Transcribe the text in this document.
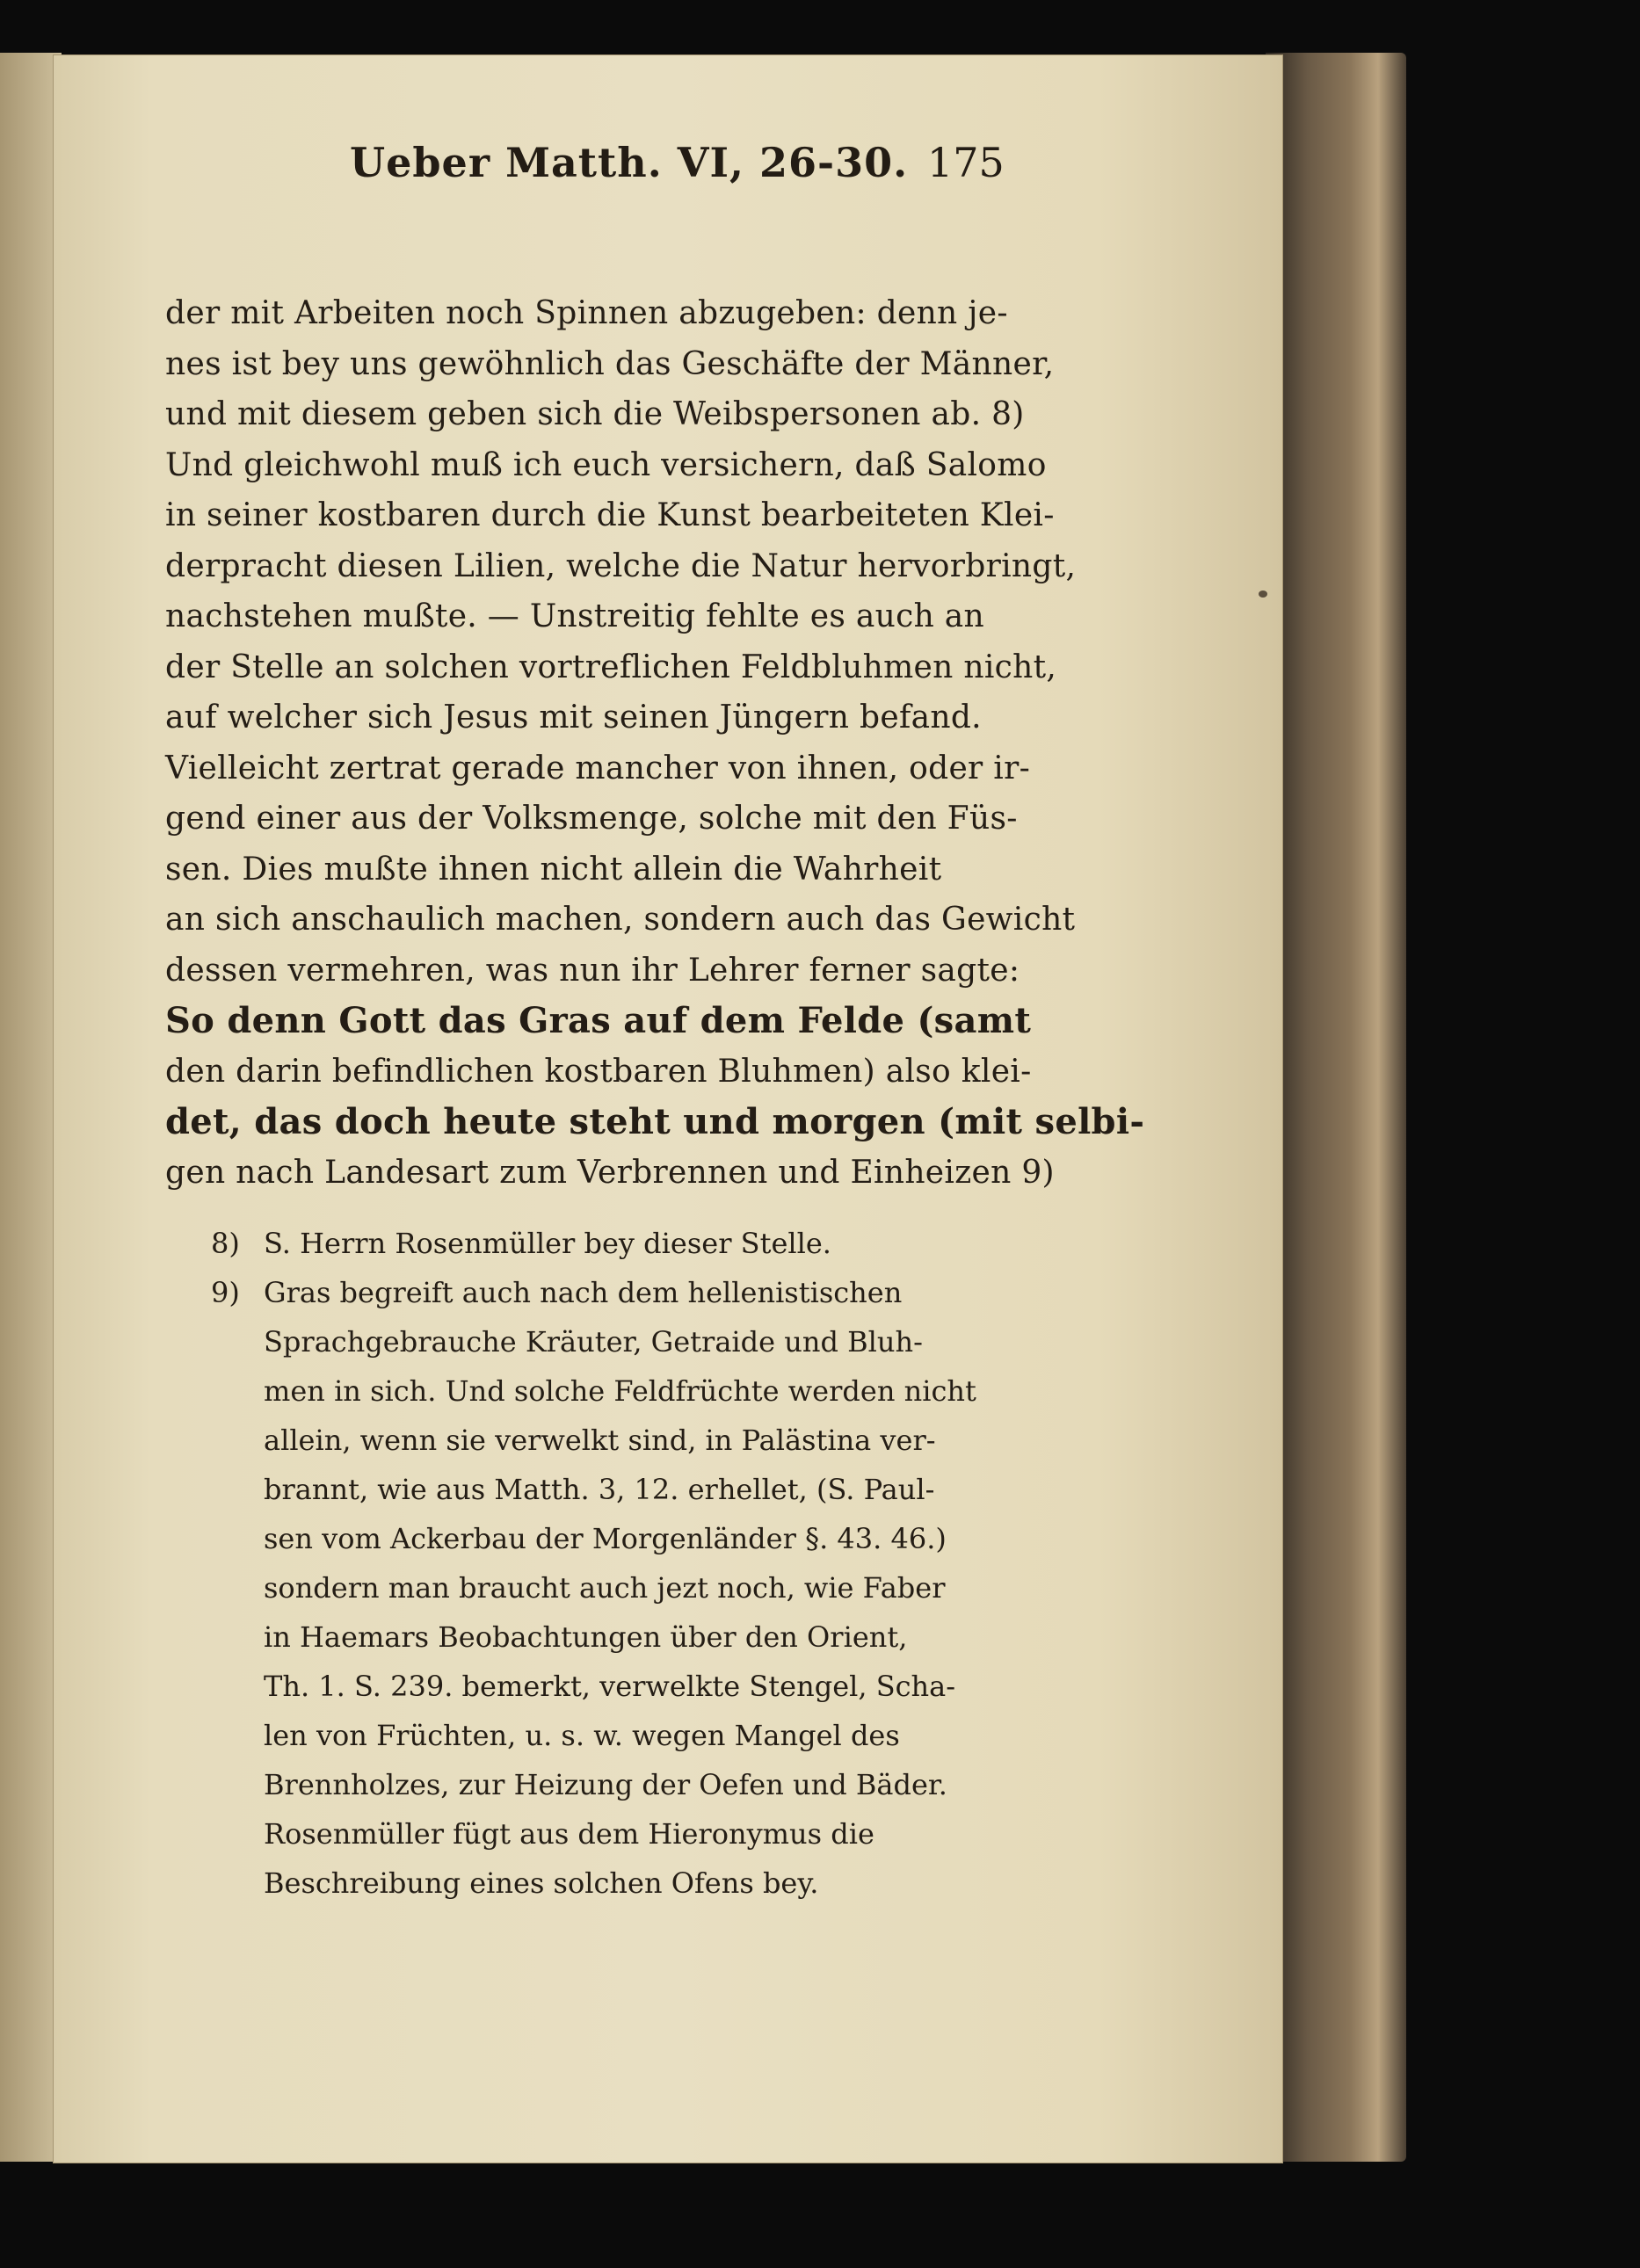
Ueber Matth. VI, 26-30. 175
der mit Arbeiten noch Spinnen abzugeben: denn je-
nes ist bey uns gewöhnlich das Geschäfte der Männer,
und mit diesem geben sich die Weibspersonen ab. 8)
Und gleichwohl muß ich euch versichern, daß Salomo
in seiner kostbaren durch die Kunst bearbeiteten Klei-
derpracht diesen Lilien, welche die Natur hervorbringt,
nachstehen mußte. — Unstreitig fehlte es auch an
der Stelle an solchen vortreflichen Feldbluhmen nicht,
auf welcher sich Jesus mit seinen Jüngern befand.
Vielleicht zertrat gerade mancher von ihnen, oder ir-
gend einer aus der Volksmenge, solche mit den Füs-
sen. Dies mußte ihnen nicht allein die Wahrheit
an sich anschaulich machen, sondern auch das Gewicht
dessen vermehren, was nun ihr Lehrer ferner sagte:
So denn Gott das Gras auf dem Felde (samt
den darin befindlichen kostbaren Bluhmen) also klei-
det, das doch heute steht und morgen (mit selbi-
gen nach Landesart zum Verbrennen und Einheizen 9)
8) S. Herrn Rosenmüller bey dieser Stelle.
9) Gras begreift auch nach dem hellenistischen
Sprachgebrauche Kräuter, Getraide und Bluh-
men in sich. Und solche Feldfrüchte werden nicht
allein, wenn sie verwelkt sind, in Palästina ver-
brannt, wie aus Matth. 3, 12. erhellet, (S. Paul-
sen vom Ackerbau der Morgenländer §. 43. 46.)
sondern man braucht auch jezt noch, wie Faber
in Haemars Beobachtungen über den Orient,
Th. 1. S. 239. bemerkt, verwelkte Stengel, Scha-
len von Früchten, u. s. w. wegen Mangel des
Brennholzes, zur Heizung der Oefen und Bäder.
Rosenmüller fügt aus dem Hieronymus die
Beschreibung eines solchen Ofens bey.
